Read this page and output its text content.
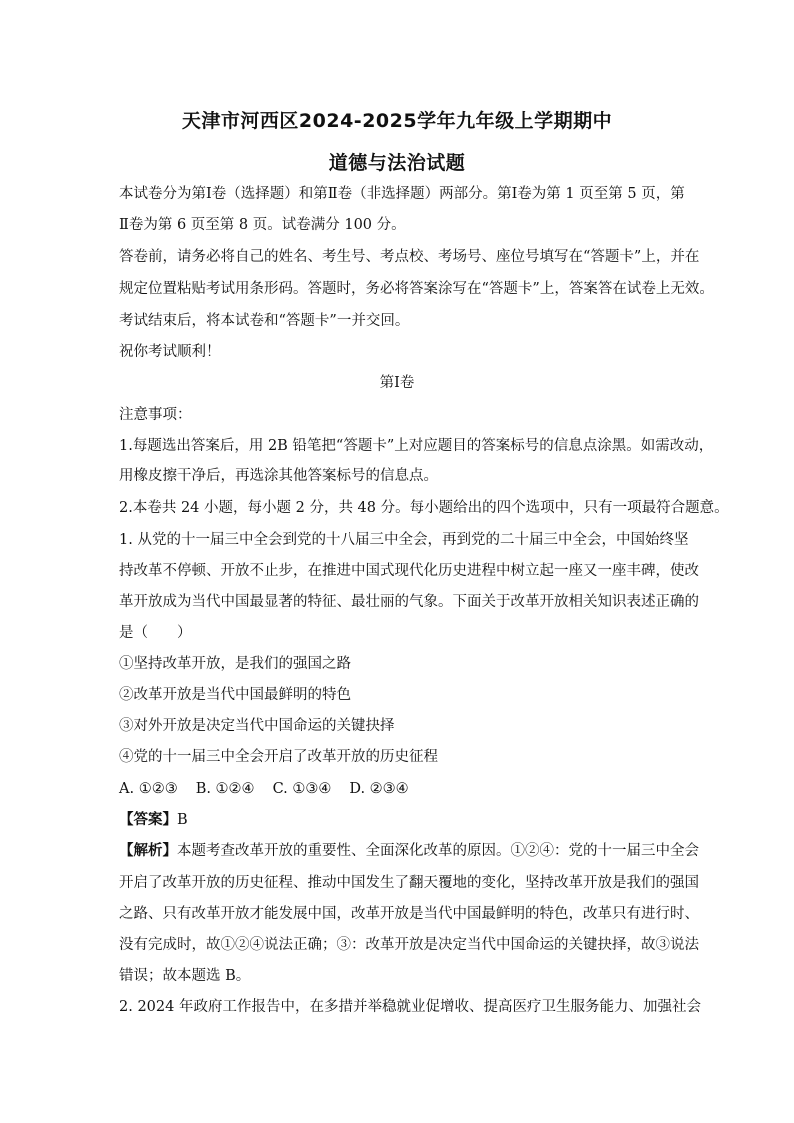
天津市河西区2024-2025学年九年级上学期期中
道德与法治试题
本试卷分为第Ⅰ卷（选择题）和第Ⅱ卷（非选择题）两部分。第Ⅰ卷为第 1 页至第 5 页，第
Ⅱ卷为第 6 页至第 8 页。试卷满分 100 分。
答卷前，请务必将自己的姓名、考生号、考点校、考场号、座位号填写在“答题卡”上，并在
规定位置粘贴考试用条形码。答题时，务必将答案涂写在“答题卡”上，答案答在试卷上无效。
考试结束后，将本试卷和“答题卡”一并交回。
祝你考试顺利！
第Ⅰ卷
注意事项：
1.每题选出答案后，用 2B 铅笔把“答题卡”上对应题目的答案标号的信息点涂黑。如需改动，
用橡皮擦干净后，再选涂其他答案标号的信息点。
2.本卷共 24 小题，每小题 2 分，共 48 分。每小题给出的四个选项中，只有一项最符合题意。
1. 从党的十一届三中全会到党的十八届三中全会，再到党的二十届三中全会，中国始终坚
持改革不停顿、开放不止步，在推进中国式现代化历史进程中树立起一座又一座丰碑，使改
革开放成为当代中国最显著的特征、最壮丽的气象。下面关于改革开放相关知识表述正确的
是（　　）
①坚持改革开放，是我们的强国之路
②改革开放是当代中国最鲜明的特色
③对外开放是决定当代中国命运的关键抉择
④党的十一届三中全会开启了改革开放的历史征程
A. ①②③ B. ①②④ C. ①③④ D. ②③④
【答案】B
【解析】本题考查改革开放的重要性、全面深化改革的原因。①②④：党的十一届三中全会
开启了改革开放的历史征程、推动中国发生了翻天覆地的变化，坚持改革开放是我们的强国
之路、只有改革开放才能发展中国，改革开放是当代中国最鲜明的特色，改革只有进行时、
没有完成时，故①②④说法正确；③：改革开放是决定当代中国命运的关键抉择，故③说法
错误；故本题选 B。
2. 2024 年政府工作报告中，在多措并举稳就业促增收、提高医疗卫生服务能力、加强社会
